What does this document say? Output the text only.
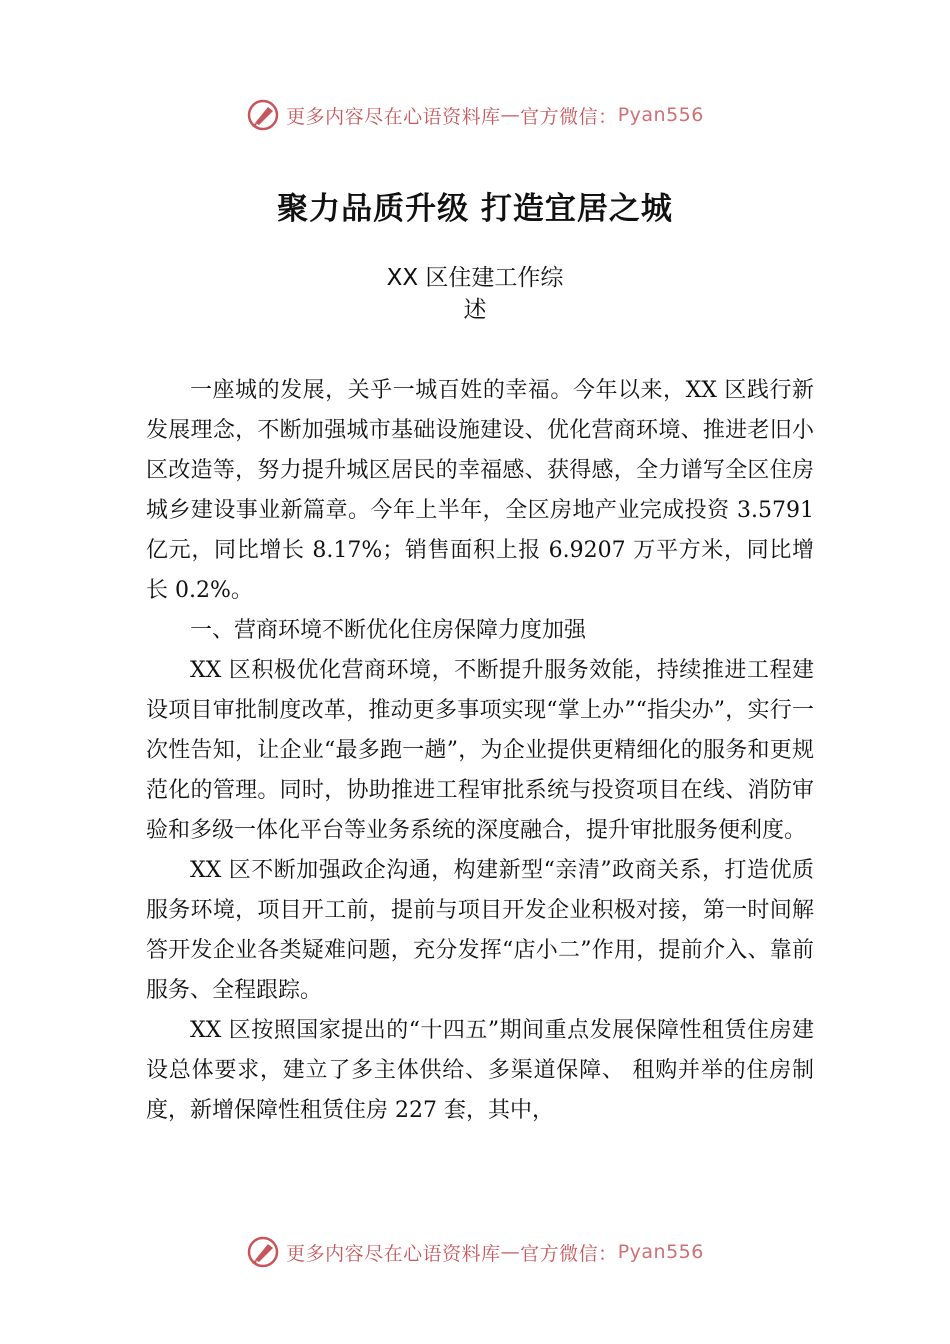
更多内容尽在心语资料库 — 官方微信： Pyan556
聚力品质升级 打造宜居之城
XX 区住建工作综
述

一座城的发展，关乎一城百姓的幸福。今年以来，XX 区践行新发展理念，不断加强城市基础设施建设、优化营商环境、推进老旧小区改造等，努力提升城区居民的幸福感、获得感，全力谱写全区住房城乡建设事业新篇章。今年上半年，全区房地产业完成投资 3.5791 亿元，同比增长 8.17%；销售面积上报 6.9207 万平方米，同比增长 0.2%。

一、营商环境不断优化住房保障力度加强

XX 区积极优化营商环境，不断提升服务效能，持续推进工程建设项目审批制度改革，推动更多事项实现“掌上办”“指尖办”，实行一次性告知，让企业“最多跑一趟”，为企业提供更精细化的服务和更规范化的管理。同时，协助推进工程审批系统与投资项目在线、消防审验和多级一体化平台等业务系统的深度融合，提升审批服务便利度。

XX 区不断加强政企沟通，构建新型“亲清”政商关系，打造优质服务环境，项目开工前，提前与项目开发企业积极对接，第一时间解答开发企业各类疑难问题，充分发挥“店小二”作用，提前介入、靠前服务、全程跟踪。

XX 区按照国家提出的“十四五”期间重点发展保障性租赁住房建设总体要求，建立了多主体供给、多渠道保障、 租购并举的住房制度，新增保障性租赁住房 227 套，其中，

更多内容尽在心语资料库 — 官方微信： Pyan556
